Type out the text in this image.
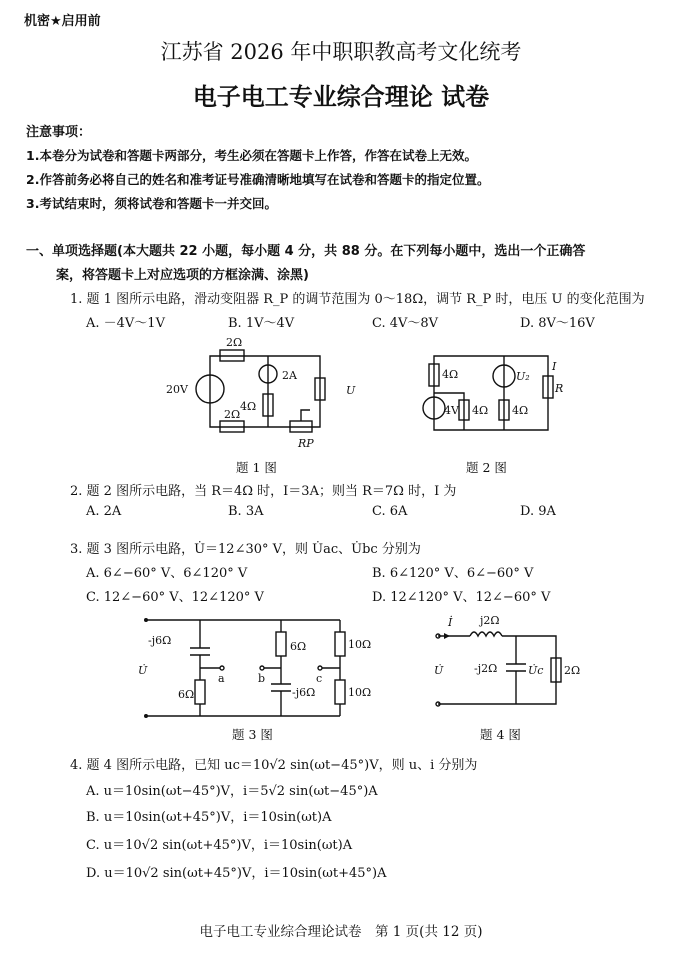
机密★启用前
江苏省 2026 年中职职教高考文化统考
电子电工专业综合理论 试卷
注意事项：
1.本卷分为试卷和答题卡两部分，考生必须在答题卡上作答，作答在试卷上无效。
2.作答前务必将自己的姓名和准考证号准确清晰地填写在试卷和答题卡的指定位置。
3.考试结束时，须将试卷和答题卡一并交回。
一、单项选择题(本大题共 22 小题，每小题 4 分，共 88 分。在下列每小题中，选出一个正确答
案，将答题卡上对应选项的方框涂满、涂黑)
1. 题 1 图所示电路，滑动变阻器 R_P 的调节范围为 0～18Ω，调节 R_P 时，电压 U 的变化范围为
A. －4V～1V	B. 1V～4V	C. 4V～8V	D. 8V～16V
2Ω
20V
2A
4Ω
2Ω
U
RP
题 1 图
4Ω
4V 4Ω
U₂
4Ω
I
R
题 2 图
2. 题 2 图所示电路，当 R＝4Ω 时，I＝3A；则当 R＝7Ω 时，I 为
A. 2A	B. 3A	C. 6A	D. 9A
3. 题 3 图所示电路，U̇＝12∠30° V，则 U̇ac、U̇bc 分别为
A. 6∠−60° V、6∠120° V	B. 6∠120° V、6∠−60° V
C. 12∠−60° V、12∠120° V	D. 12∠120° V、12∠−60° V
-j6Ω
6Ω
6Ω
-j6Ω
10Ω
10Ω
U̇
a	b	c
题 3 图
j2Ω
İ
U̇	-j2Ω	U̇c 2Ω
题 4 图
4. 题 4 图所示电路，已知 uc＝10√2 sin(ωt−45°)V，则 u、i 分别为
A. u＝10sin(ωt−45°)V，i＝5√2 sin(ωt−45°)A
B. u＝10sin(ωt+45°)V，i＝10sin(ωt)A
C. u＝10√2 sin(ωt+45°)V，i＝10sin(ωt)A
D. u＝10√2 sin(ωt+45°)V，i＝10sin(ωt+45°)A
电子电工专业综合理论试卷　第 1 页(共 12 页)
